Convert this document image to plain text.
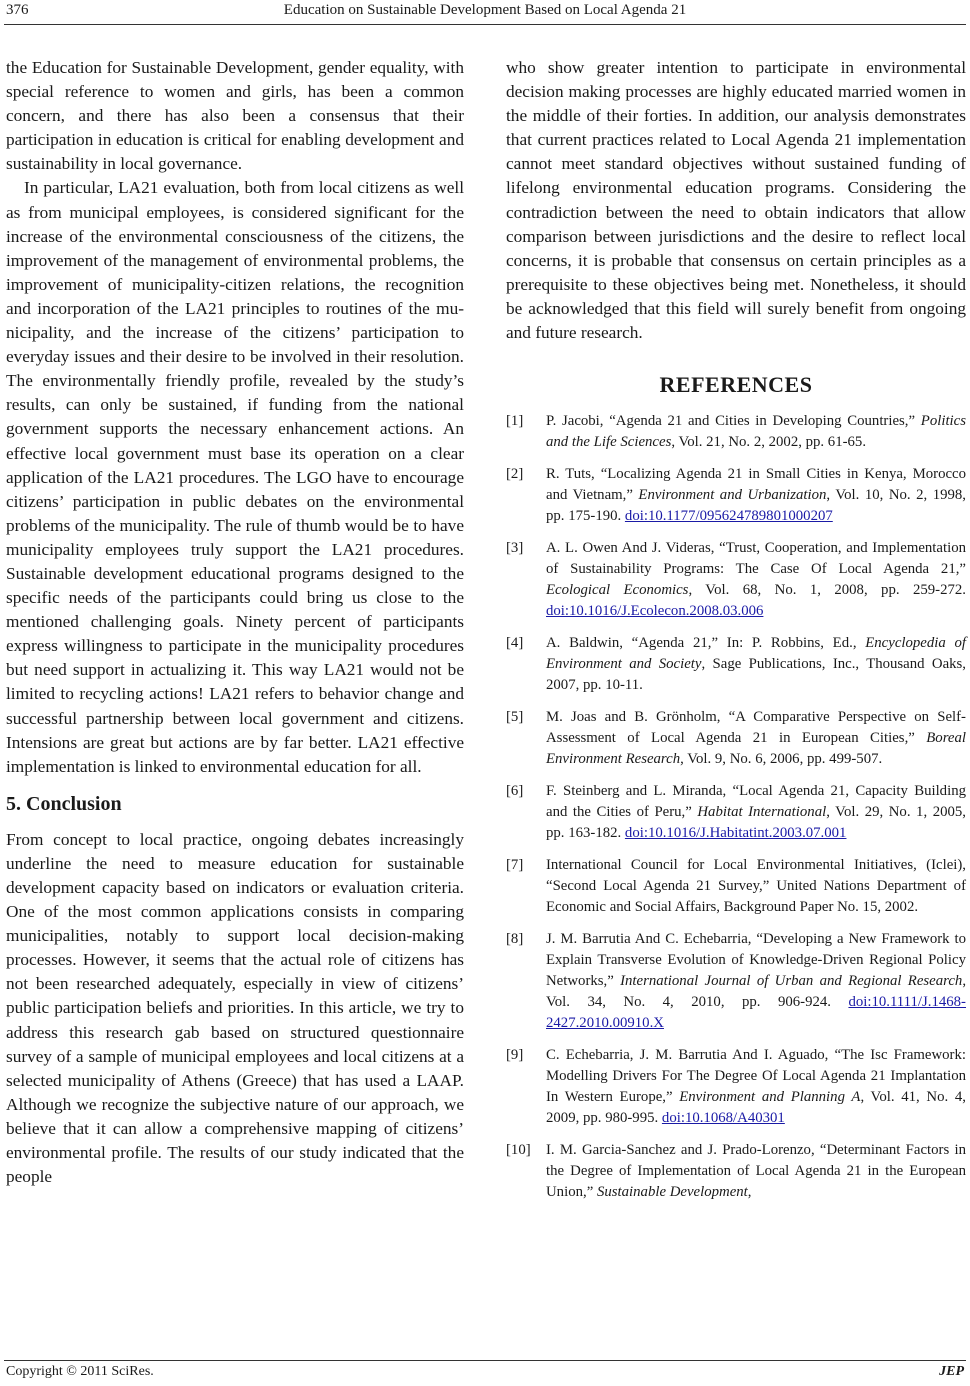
376	Education on Sustainable Development Based on Local Agenda 21

the Education for Sustainable Development, gender equality, with special reference to women and girls, has been a common concern, and there has also been a consensus that their participation in education is critical for enabling development and sustainability in local governance.

In particular, LA21 evaluation, both from local citizens as well as from municipal employees, is considered significant for the increase of the environmental consciousness of the citizens, the improvement of the management of environmental problems, the improvement of municipality-citizen relations, the recognition and incorporation of the LA21 principles to routines of the municipality, and the increase of the citizens’ participation to everyday issues and their desire to be involved in their resolution. The environmentally friendly profile, revealed by the study’s results, can only be sustained, if funding from the national government supports the necessary enhancement actions. An effective local government must base its operation on a clear application of the LA21 procedures. The LGO have to encourage citizens’ participation in public debates on the environmental problems of the municipality. The rule of thumb would be to have municipality employees truly support the LA21 procedures. Sustainable development educational programs designed to the specific needs of the participants could bring us close to the mentioned challenging goals. Ninety percent of participants express willingness to participate in the municipality procedures but need support in actualizing it. This way LA21 would not be limited to recycling actions! LA21 refers to behavior change and successful partnership between local government and citizens. Intensions are great but actions are by far better. LA21 effective implementation is linked to environmental education for all.

5. Conclusion

From concept to local practice, ongoing debates increasingly underline the need to measure education for sustainable development capacity based on indicators or evaluation criteria. One of the most common applications consists in comparing municipalities, notably to support local decision-making processes. However, it seems that the actual role of citizens has not been researched adequately, especially in view of citizens’ public participation beliefs and priorities. In this article, we try to address this research gab based on structured questionnaire survey of a sample of municipal employees and local citizens at a selected municipality of Athens (Greece) that has used a LAAP. Although we recognize the subjective nature of our approach, we believe that it can allow a comprehensive mapping of citizens’ environmental profile. The results of our study indicated that the people

who show greater intention to participate in environmental decision making processes are highly educated married women in the middle of their forties. In addition, our analysis demonstrates that current practices related to Local Agenda 21 implementation cannot meet standard objectives without sustained funding of lifelong environmental education programs. Considering the contradiction between the need to obtain indicators that allow comparison between jurisdictions and the desire to reflect local concerns, it is probable that consensus on certain principles as a prerequisite to these objectives being met. Nonetheless, it should be acknowledged that this field will surely benefit from ongoing and future research.

REFERENCES
[1]	P. Jacobi, “Agenda 21 and Cities in Developing Countries,” Politics and the Life Sciences, Vol. 21, No. 2, 2002, pp. 61-65.
[2]	R. Tuts, “Localizing Agenda 21 in Small Cities in Kenya, Morocco and Vietnam,” Environment and Urbanization, Vol. 10, No. 2, 1998, pp. 175-190. doi:10.1177/095624789801000207
[3]	A. L. Owen And J. Videras, “Trust, Cooperation, and Implementation of Sustainability Programs: The Case Of Local Agenda 21,” Ecological Economics, Vol. 68, No. 1, 2008, pp. 259-272. doi:10.1016/J.Ecolecon.2008.03.006
[4]	A. Baldwin, “Agenda 21,” In: P. Robbins, Ed., Encyclopedia of Environment and Society, Sage Publications, Inc., Thousand Oaks, 2007, pp. 10-11.
[5]	M. Joas and B. Grönholm, “A Comparative Perspective on Self-Assessment of Local Agenda 21 in European Cities,” Boreal Environment Research, Vol. 9, No. 6, 2006, pp. 499-507.
[6]	F. Steinberg and L. Miranda, “Local Agenda 21, Capacity Building and the Cities of Peru,” Habitat International, Vol. 29, No. 1, 2005, pp. 163-182. doi:10.1016/J.Habitatint.2003.07.001
[7]	International Council for Local Environmental Initiatives, (Iclei), “Second Local Agenda 21 Survey,” United Nations Department of Economic and Social Affairs, Background Paper No. 15, 2002.
[8]	J. M. Barrutia And C. Echebarria, “Developing a New Framework to Explain Transverse Evolution of Knowledge-Driven Regional Policy Networks,” International Journal of Urban and Regional Research, Vol. 34, No. 4, 2010, pp. 906-924. doi:10.1111/J.1468-2427.2010.00910.X
[9]	C. Echebarria, J. M. Barrutia And I. Aguado, “The Isc Framework: Modelling Drivers For The Degree Of Local Agenda 21 Implantation In Western Europe,” Environment and Planning A, Vol. 41, No. 4, 2009, pp. 980-995. doi:10.1068/A40301
[10]	I. M. Garcia-Sanchez and J. Prado-Lorenzo, “Determinant Factors in the Degree of Implementation of Local Agenda 21 in the European Union,” Sustainable Development,
Copyright © 2011 SciRes.	JEP
